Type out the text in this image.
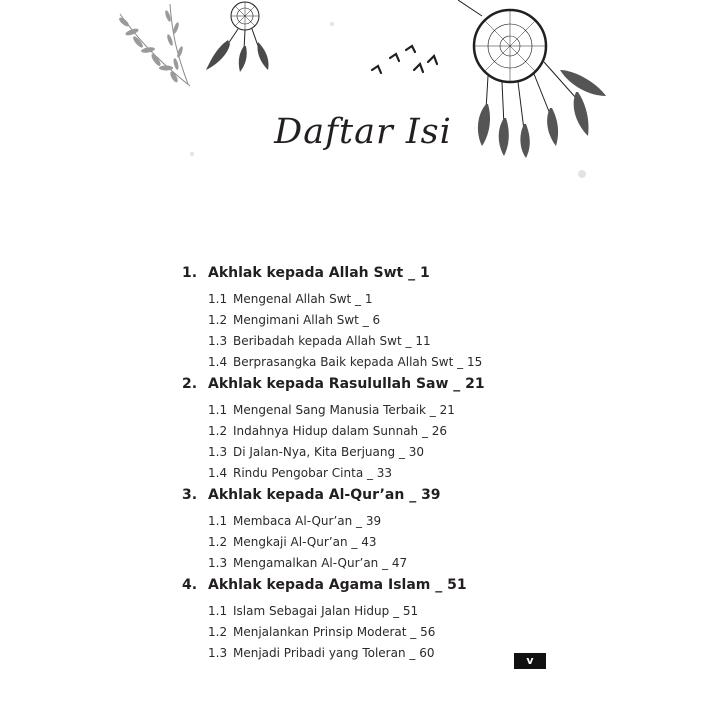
Daftar Isi
1. Akhlak kepada Allah Swt _ 1
1.1 Mengenal Allah Swt _ 1
1.2 Mengimani Allah Swt _ 6
1.3 Beribadah kepada Allah Swt _ 11
1.4 Berprasangka Baik kepada Allah Swt _ 15
2. Akhlak kepada Rasulullah Saw _ 21
1.1 Mengenal Sang Manusia Terbaik _ 21
1.2 Indahnya Hidup dalam Sunnah _ 26
1.3 Di Jalan-Nya, Kita Berjuang _ 30
1.4 Rindu Pengobar Cinta _ 33
3. Akhlak kepada Al-Qur’an _ 39
1.1 Membaca Al-Qur’an _ 39
1.2 Mengkaji Al-Qur’an _ 43
1.3 Mengamalkan Al-Qur’an _ 47
4. Akhlak kepada Agama Islam _ 51
1.1 Islam Sebagai Jalan Hidup _ 51
1.2 Menjalankan Prinsip Moderat _ 56
1.3 Menjadi Pribadi yang Toleran _ 60
v
